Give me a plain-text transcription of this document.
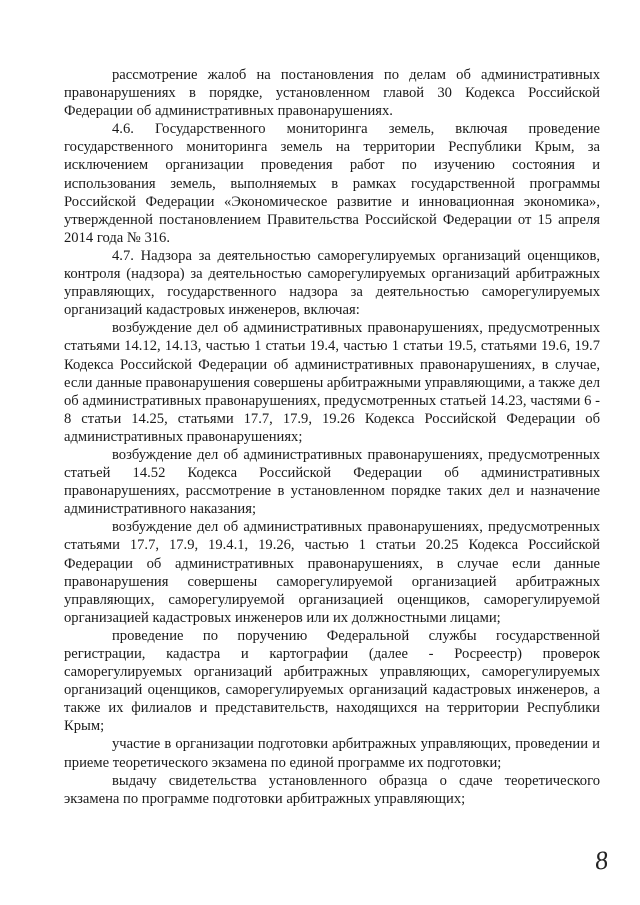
рассмотрение жалоб на постановления по делам об административных правонарушениях в порядке, установленном главой 30 Кодекса Российской Федерации об административных правонарушениях.

4.6. Государственного мониторинга земель, включая проведение государственного мониторинга земель на территории Республики Крым, за исключением организации проведения работ по изучению состояния и использования земель, выполняемых в рамках государственной программы Российской Федерации «Экономическое развитие и инновационная экономика», утвержденной постановлением Правительства Российской Федерации от 15 апреля 2014 года № 316.

4.7. Надзора за деятельностью саморегулируемых организаций оценщиков, контроля (надзора) за деятельностью саморегулируемых организаций арбитражных управляющих, государственного надзора за деятельностью саморегулируемых организаций кадастровых инженеров, включая:

возбуждение дел об административных правонарушениях, предусмотренных статьями 14.12, 14.13, частью 1 статьи 19.4, частью 1 статьи 19.5, статьями 19.6, 19.7 Кодекса Российской Федерации об административных правонарушениях, в случае, если данные правонарушения совершены арбитражными управляющими, а также дел об административных правонарушениях, предусмотренных статьей 14.23, частями 6 - 8 статьи 14.25, статьями 17.7, 17.9, 19.26 Кодекса Российской Федерации об административных правонарушениях;

возбуждение дел об административных правонарушениях, предусмотренных статьей 14.52 Кодекса Российской Федерации об административных правонарушениях, рассмотрение в установленном порядке таких дел и назначение административного наказания;

возбуждение дел об административных правонарушениях, предусмотренных статьями 17.7, 17.9, 19.4.1, 19.26, частью 1 статьи 20.25 Кодекса Российской Федерации об административных правонарушениях, в случае если данные правонарушения совершены саморегулируемой организацией арбитражных управляющих, саморегулируемой организацией оценщиков, саморегулируемой организацией кадастровых инженеров или их должностными лицами;

проведение по поручению Федеральной службы государственной регистрации, кадастра и картографии (далее - Росреестр) проверок саморегулируемых организаций арбитражных управляющих, саморегулируемых организаций оценщиков, саморегулируемых организаций кадастровых инженеров, а также их филиалов и представительств, находящихся на территории Республики Крым;

участие в организации подготовки арбитражных управляющих, проведении и приеме теоретического экзамена по единой программе их подготовки;

выдачу свидетельства установленного образца о сдаче теоретического экзамена по программе подготовки арбитражных управляющих;

8
